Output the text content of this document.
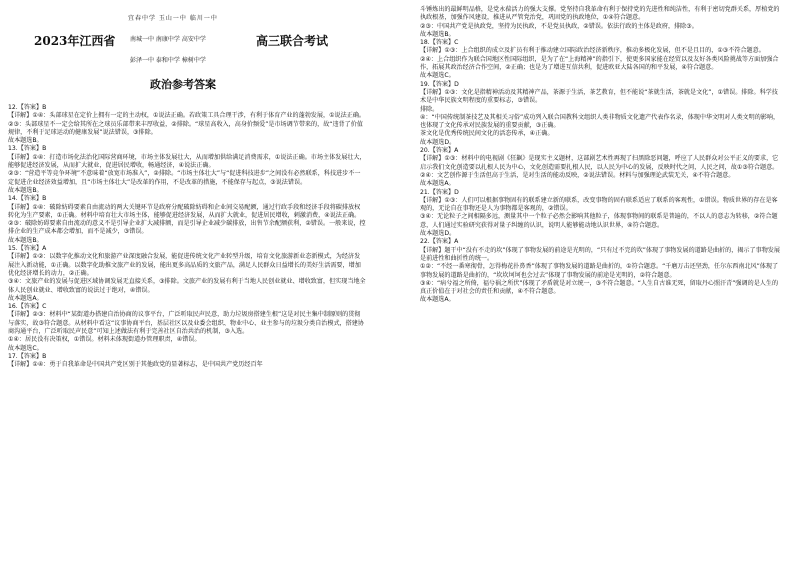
宜春中学 玉山一中 临川一中
2023年江西省 南城一中 南康中学 高安中学	高三联合考试
彭泽一中 泰和中学 樟树中学
政治参考答案

12.【答案】B

【详解】①④：头部球星在定价上拥有一定的主动权，①说法正确。若政策工具合理干涉，有利于体育产业的蓬勃发展，①说法正确。

②③：头部球星不一定会给其所在之球员乐部带来丰厚收益，②排除。“球星高收入，高身价频爱”是市场调节带来的，故“违背了价值规律，不利于足球运动的健康发展”说法错误，③排除。

故本题选B。

13.【答案】B

【详解】①④：打造市场化法治化国际营商环境，市场主体发展壮大，从而增加供给满足消费需求，①说法正确。市场主体发展壮大，能够促进经济发展，从而扩大就业，促进居民增收，畅通经济，④说法正确。

②③：“营造平等竞争环境”不意味着“放宽市场准入”，②排除。“市场主体壮大”与“促进科技进步”之间没有必然联系，科技进步不一定促进企业经济效益增加，且“市场主体壮大”是改革的作用，不是改革的措施，不能保存与起点，③说法错误。

故本题选B。

14.【答案】B

【详解】①④：破除妨碍要素自由流动的两大关键环节是政府分配破除妨碍和企业间交易配额，通过行政手段和经济手段将碳排放权转化为生产要素，①正确。材料中培育壮大市场主体，能够促进经济发展，从而扩大就业，促进居民增收，刺激消费，④说法正确。

②③：破除妨碍要素自由流动的意义不是引导企业扩大减排额，而是引导企业减少碳排放，出售节余配额获利，②错误。一般来说，控排企业的生产成本都会增加，而不是减少，③错误。

故本题选B。

15.【答案】A

【详解】①②：以数字化推动文化和旅游产业深度融合发展，能促进传统文化产业转型升级，培育文化旅游新业态新模式，为经济发展注入新动能，①正确。以数字化助推文旅产业的发展，能出更多高品质的文旅产品，满足人民群众日益增长的美好生活需要，增加优化经济增长的动力，②正确。

③④：文旅产业的发展与促进区域协调发展无直接关系，③排除。文旅产业的发展有利于当地人民创业就业、增收致富，但实现当地全体人民创业就业、增收致富的说法过于绝对，④错误。

故本题选A。

16.【答案】C

【详解】②③：材料中“某街道办搭建自治协商的议事平台，广泛听取民声民意，助力垃圾房搭建生根”这是对民主集中制原则的贯彻与落实，故③符合题意。从材料中看这“议事协商平台，基层社区以及业委会组织、物业中心、业主参与的垃圾分类自治模式，搭建协商沟通平台，广泛听取民声民意”可知上述做法有利于完善社区自治共治的机制，③入选。

①④：居民没有决策权，①错误。材料未体现街道办管理职责，④错误。

故本题选C。

17.【答案】B

【详解】①④：勇于自我革命是中国共产党区别于其他政党的显著标志，是中国共产党历经百年

斗锤炼出的最鲜明品格，是党永葆活力的强大支撑。党坚持自我革命有利于保持党的先进性和纯洁性，有利于密切党群关系，厚植党的执政根基，加强作风建设，推进从严管党治党，巩固党的执政地位，①④符合题意。

②③：中国共产党是执政党，坚持为民执政，不是党员执政，②错误。依法行政的主体是政府，排除③。

故本题选B。

18.【答案】C

【详解】①③：上合组织的成立及扩员有利于推动建立国际政治经济新秩序，推动多极化发展，但不是且目的，①③不符合题意。

②④：上合组织作为联合国地区性国际组织，是为了在“上海精神”的指引下，使更多国家能在经贸以及友好各类风险挑战等方面加强合作，拓展其政治经济合作空间，②正确；也是为了增进互信共利，促进欧亚大陆各国的和平发展，④符合题意。

故本题选C。

19.【答案】D

【详解】①③：文化是指精神活动及其精神产品，茶源于生活，茶艺教育，但不能说“茶就生活，茶就是文化”，①错误。排除。科学技术是中华民族文明程度的重要标志，③错误。

排除。

④：“中国传统制茶技艺及其相关习俗”成功列入联合国教科文组织人类非物质文化遗产代表作名录，体现中华文明对人类文明的影响，也体现了文化传承对民族发展的重要贡献，③正确。

茶文化是优秀传统民间文化的活态传承，④正确。

故本题选D。

20.【答案】A

【详解】①③：材料中的电视剧《狂飙》是现实主义题材，这部剧艺术性再现了扫黑除恶问题，呼应了人民群众对公平正义的要求，它启示我们文化创造要以扎根人民为中心，文化创造需要扎根人民，以人民为中心的发展，反映时代之问，人民之问，故①③符合题意。

②④：文艺创作源于生活但高于生活，是对生活的能动反映，②说法错误。材料与加强理论武装无关，④不符合题意。

故本题选A。

21.【答案】D

【详解】①③：人们可以根据事物固有的联系建立新的联系，改变事物的固有联系适应了联系的客观性，①错误。物质世界的存在是客观的，无论自在事物还是人为事物都是客观的，②错误。

③④：无论粒子之间相隔多远，测量其中一个粒子必然会影响其他粒子，体现事物间的联系是普遍的，不以人的意志为转移，②符合题意，人们通过实验研究获得对量子纠缠的认识，说明人能够能动地认识世界，④符合题意。

故本题选D。

22.【答案】A

【详解】题干中“没有不走的坎”体现了事物发展的前途是光明的，“只有过不完的坎”体现了事物发展的道路是曲折的，揭示了事物发展是前进性和曲折性的统一。

①②：“不经一番寒彻骨，怎得梅花扑鼻香”体现了事物发展的道路是曲折的，①符合题意。“千磨万击还坚劲，任尔东西南北风”体现了事物发展的道路是曲折的，“坎坎坷坷也会过去”体现了事物发展的前途是光明的，②符合题意。

③④：“病兮福之所倚，福兮祸之所伏”体现了矛盾就是对立统一，③不符合题意。“人生自古谁无死，留取丹心照汗青”强调的是人生的真正价值在于对社会的责任和贡献，④不符合题意。

故本题选A。
